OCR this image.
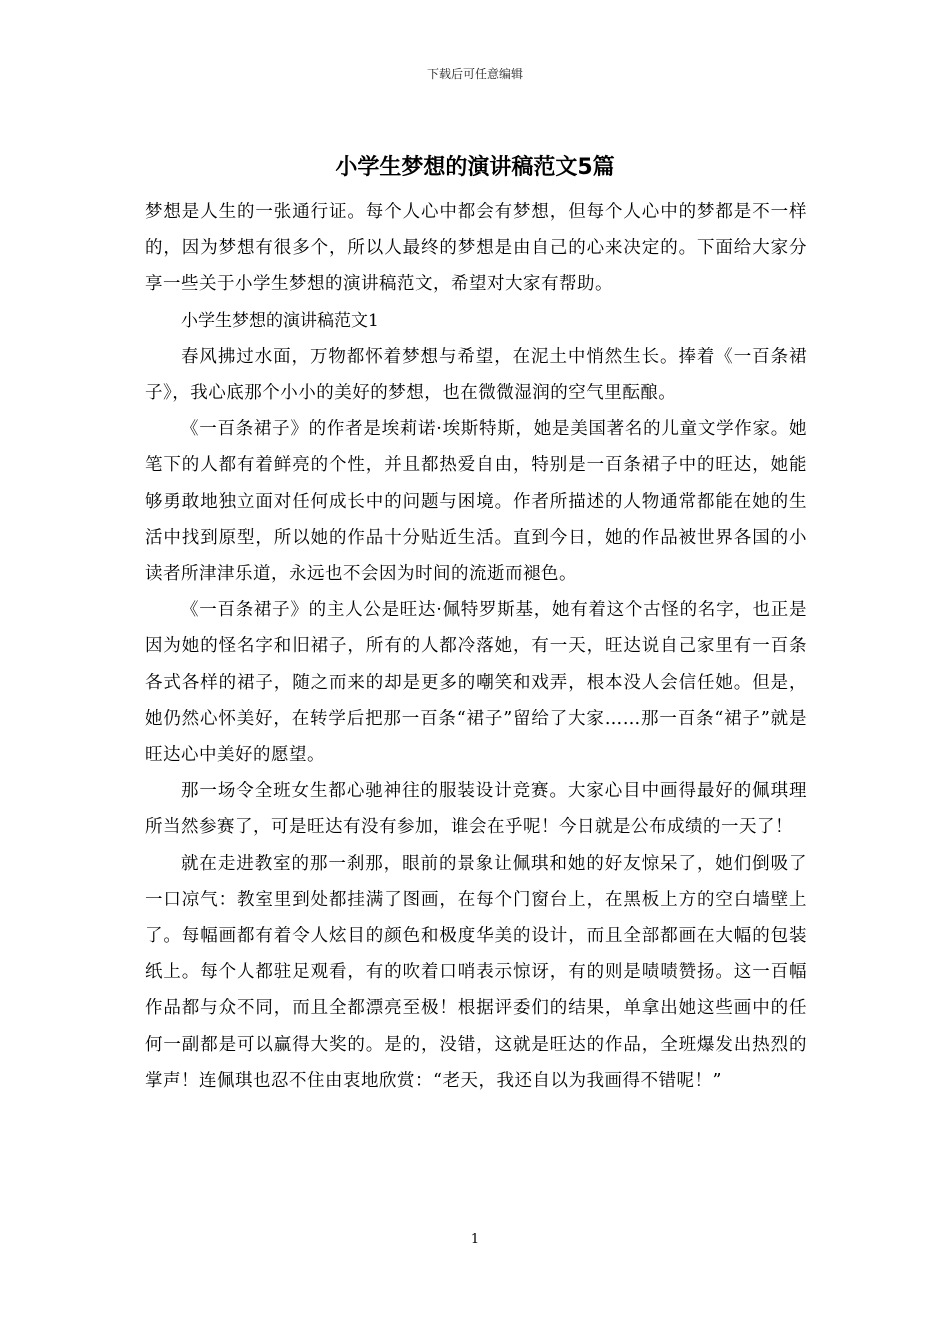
下载后可任意编辑
小学生梦想的演讲稿范文5篇

梦想是人生的一张通行证。每个人心中都会有梦想，但每个人心中的梦都是不一样的，因为梦想有很多个，所以人最终的梦想是由自己的心来决定的。下面给大家分享一些关于小学生梦想的演讲稿范文，希望对大家有帮助。

小学生梦想的演讲稿范文1

春风拂过水面，万物都怀着梦想与希望，在泥土中悄然生长。捧着《一百条裙子》，我心底那个小小的美好的梦想，也在微微湿润的空气里酝酿。

《一百条裙子》的作者是埃莉诺·埃斯特斯，她是美国著名的儿童文学作家。她笔下的人都有着鲜亮的个性，并且都热爱自由，特别是一百条裙子中的旺达，她能够勇敢地独立面对任何成长中的问题与困境。作者所描述的人物通常都能在她的生活中找到原型，所以她的作品十分贴近生活。直到今日，她的作品被世界各国的小读者所津津乐道，永远也不会因为时间的流逝而褪色。

《一百条裙子》的主人公是旺达·佩特罗斯基，她有着这个古怪的名字，也正是因为她的怪名字和旧裙子，所有的人都冷落她，有一天，旺达说自己家里有一百条各式各样的裙子，随之而来的却是更多的嘲笑和戏弄，根本没人会信任她。但是，她仍然心怀美好，在转学后把那一百条“裙子”留给了大家……那一百条“裙子”就是旺达心中美好的愿望。

那一场令全班女生都心驰神往的服装设计竞赛。大家心目中画得最好的佩琪理所当然参赛了，可是旺达有没有参加，谁会在乎呢！今日就是公布成绩的一天了！

就在走进教室的那一刹那，眼前的景象让佩琪和她的好友惊呆了，她们倒吸了一口凉气：教室里到处都挂满了图画，在每个门窗台上，在黑板上方的空白墙壁上了。每幅画都有着令人炫目的颜色和极度华美的设计，而且全部都画在大幅的包装纸上。每个人都驻足观看，有的吹着口哨表示惊讶，有的则是啧啧赞扬。这一百幅作品都与众不同，而且全都漂亮至极！根据评委们的结果，单拿出她这些画中的任何一副都是可以赢得大奖的。是的，没错，这就是旺达的作品，全班爆发出热烈的掌声！连佩琪也忍不住由衷地欣赏：“老天，我还自以为我画得不错呢！”

1
